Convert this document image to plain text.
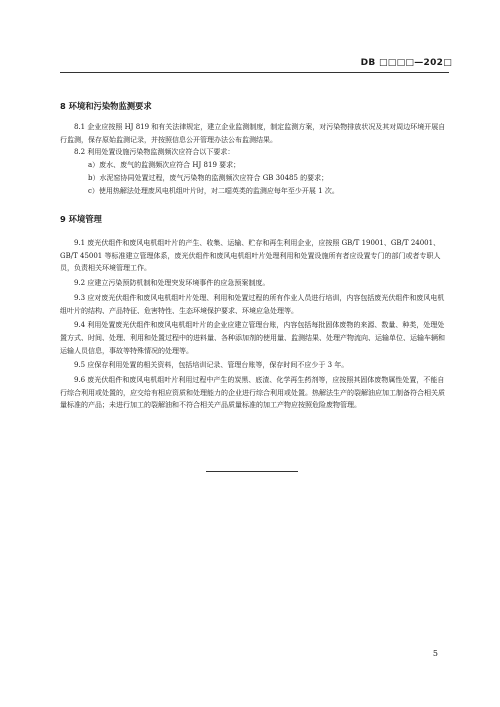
DB □□□□—202□
8 环境和污染物监测要求

8.1 企业应按照 HJ 819 和有关法律规定，建立企业监测制度，制定监测方案，对污染物排放状况及其对周边环境开展自行监测，保存原始监测记录，并按照信息公开管理办法公布监测结果。

8.2 利用处置设施污染物监测频次应符合以下要求：

a）废水、废气的监测频次应符合 HJ 819 要求；

b）水泥窑协同处置过程，废气污染物的监测频次应符合 GB 30485 的要求；

c）使用热解法处理废风电机组叶片时，对二噁英类的监测应每年至少开展 1 次。

9 环境管理

9.1 废光伏组件和废风电机组叶片的产生、收集、运输、贮存和再生利用企业，应按照 GB/T 19001、GB/T 24001、GB/T 45001 等标准建立管理体系，废光伏组件和废风电机组叶片处理利用和处置设施所有者应设置专门的部门或者专职人员，负责相关环境管理工作。

9.2 应建立污染预防机制和处理突发环境事件的应急预案制度。

9.3 应对废光伏组件和废风电机组叶片处理、利用和处置过程的所有作业人员进行培训，内容包括废光伏组件和废风电机组叶片的结构、产品特征、危害特性、生态环境保护要求、环境应急处理等。

9.4 利用处置废光伏组件和废风电机组叶片的企业应建立管理台账，内容包括每批固体废物的来源、数量、种类，处理处置方式、时间、处理、利用和处置过程中的进料量、各种添加剂的使用量、监测结果、处理产物流向、运输单位、运输车辆和运输人员信息，事故等特殊情况的处理等。

9.5 应保存利用处置的相关资料，包括培训记录、管理台账等，保存时间不应少于 3 年。

9.6 废光伏组件和废风电机组叶片利用过程中产生的炭黑、底渣、化学再生药剂等，应按照其固体废物属性处置，不能自行综合利用或处置的，应交给有相应资质和处理能力的企业进行综合利用或处置。热解法生产的裂解油应加工制备符合相关质量标准的产品；未进行加工的裂解油和不符合相关产品质量标准的加工产物应按照危险废物管理。

5
